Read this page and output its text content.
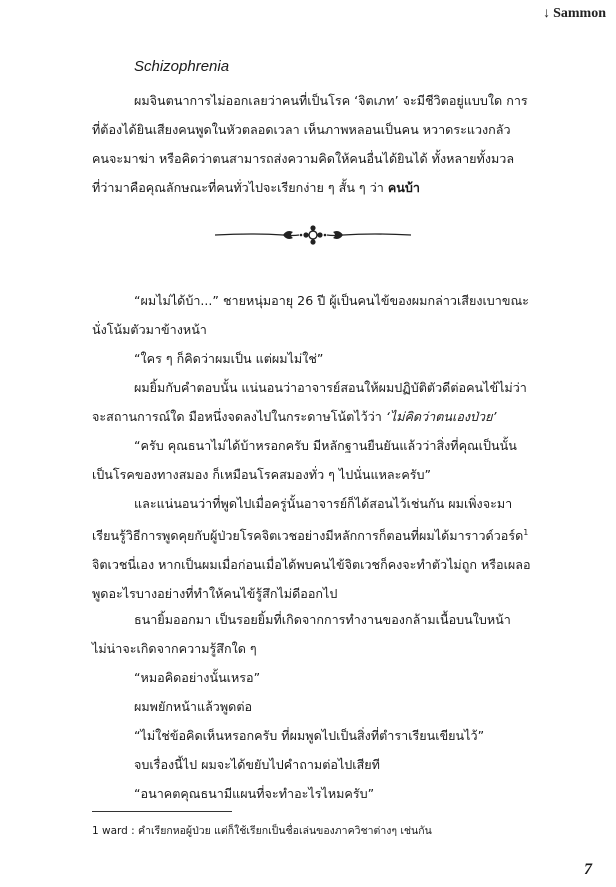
↓ Sammon
Schizophrenia
ผมจินตนาการไม่ออกเลยว่าคนที่เป็นโรค ‘จิตเภท’ จะมีชีวิตอยู่แบบใด การ
ที่ต้องได้ยินเสียงคนพูดในหัวตลอดเวลา เห็นภาพหลอนเป็นคน หวาดระแวงกลัว
คนจะมาฆ่า หรือคิดว่าตนสามารถส่งความคิดให้คนอื่นได้ยินได้ ทั้งหลายทั้งมวล
ที่ว่ามาคือคุณลักษณะที่คนทั่วไปจะเรียกง่าย ๆ สั้น ๆ ว่า คนบ้า
“ผมไม่ได้บ้า...” ชายหนุ่มอายุ 26 ปี ผู้เป็นคนไข้ของผมกล่าวเสียงเบาขณะ
นั่งโน้มตัวมาข้างหน้า
“ใคร ๆ ก็คิดว่าผมเป็น แต่ผมไม่ใช่”
ผมยิ้มกับคำตอบนั้น แน่นอนว่าอาจารย์สอนให้ผมปฏิบัติตัวดีต่อคนไข้ไม่ว่า
จะสถานการณ์ใด มือหนึ่งจดลงไปในกระดาษโน้ตไว้ว่า ‘ไม่คิดว่าตนเองป่วย’
“ครับ คุณธนาไม่ได้บ้าหรอกครับ มีหลักฐานยืนยันแล้วว่าสิ่งที่คุณเป็นนั้น
เป็นโรคของทางสมอง ก็เหมือนโรคสมองทั่ว ๆ ไปนั่นแหละครับ”
และแน่นอนว่าที่พูดไปเมื่อครู่นั้นอาจารย์ก็ได้สอนไว้เช่นกัน ผมเพิ่งจะมา
เรียนรู้วิธีการพูดคุยกับผู้ป่วยโรคจิตเวชอย่างมีหลักการก็ตอนที่ผมได้มาราวด์วอร์ด$^1$
จิตเวชนี่เอง หากเป็นผมเมื่อก่อนเมื่อได้พบคนไข้จิตเวชก็คงจะทำตัวไม่ถูก หรือเผลอ
พูดอะไรบางอย่างที่ทำให้คนไข้รู้สึกไม่ดีออกไป
ธนายิ้มออกมา เป็นรอยยิ้มที่เกิดจากการทำงานของกล้ามเนื้อบนใบหน้า
ไม่น่าจะเกิดจากความรู้สึกใด ๆ
“หมอคิดอย่างนั้นเหรอ”
ผมพยักหน้าแล้วพูดต่อ
“ไม่ใช่ข้อคิดเห็นหรอกครับ ที่ผมพูดไปเป็นสิ่งที่ตำราเรียนเขียนไว้”
จบเรื่องนี้ไป ผมจะได้ขยับไปคำถามต่อไปเสียที
“อนาคตคุณธนามีแผนที่จะทำอะไรไหมครับ”
1 ward : คำเรียกหอผู้ป่วย แต่ก็ใช้เรียกเป็นชื่อเล่นของภาควิชาต่างๆ เช่นกัน
7
